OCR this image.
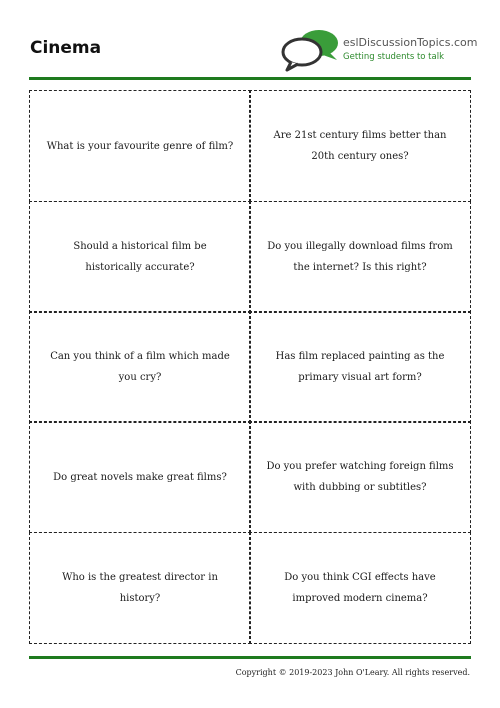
Cinema	eslDiscussionTopics.com
Getting students to talk
What is your favourite genre of film?
Are 21st century films better than 20th century ones?
Should a historical film be historically accurate?
Do you illegally download films from the internet? Is this right?
Can you think of a film which made you cry?
Has film replaced painting as the primary visual art form?
Do great novels make great films?
Do you prefer watching foreign films with dubbing or subtitles?
Who is the greatest director in history?
Do you think CGI effects have improved modern cinema?
Copyright © 2019-2023 John O'Leary. All rights reserved.
